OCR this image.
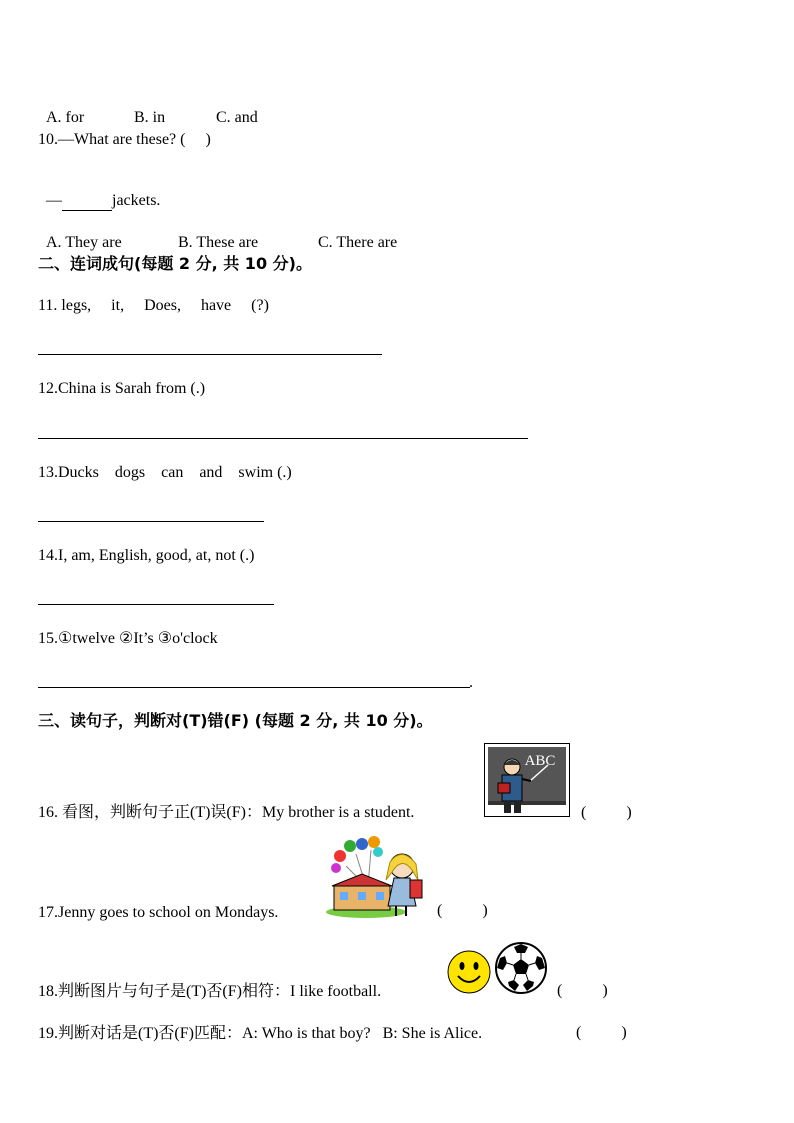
A. for	B. in	C. and

10.—What are these? (     )

—	jackets.

A. They are	B. These are	C. There are

二、连词成句(每题 2 分, 共 10 分)。
11. legs,     it,     Does,     have     (?)
12.China is Sarah from (.)
13.Ducks    dogs    can    and    swim (.)
14.I, am, English, good, at, not (.)
15.①twelve ②It’s ③o'clock
.
三、读句子，判断对(T)错(F) (每题 2 分, 共 10 分)。
16. 看图，判断句子正(T)误(F)：My brother is a student.
ABC
(          )
17.Jenny goes to school on Mondays.	(          )
18.判断图片与句子是(T)否(F)相符：I like football.	(          )
19.判断对话是(T)否(F)匹配：A: Who is that boy?   B: She is Alice.	(          )
